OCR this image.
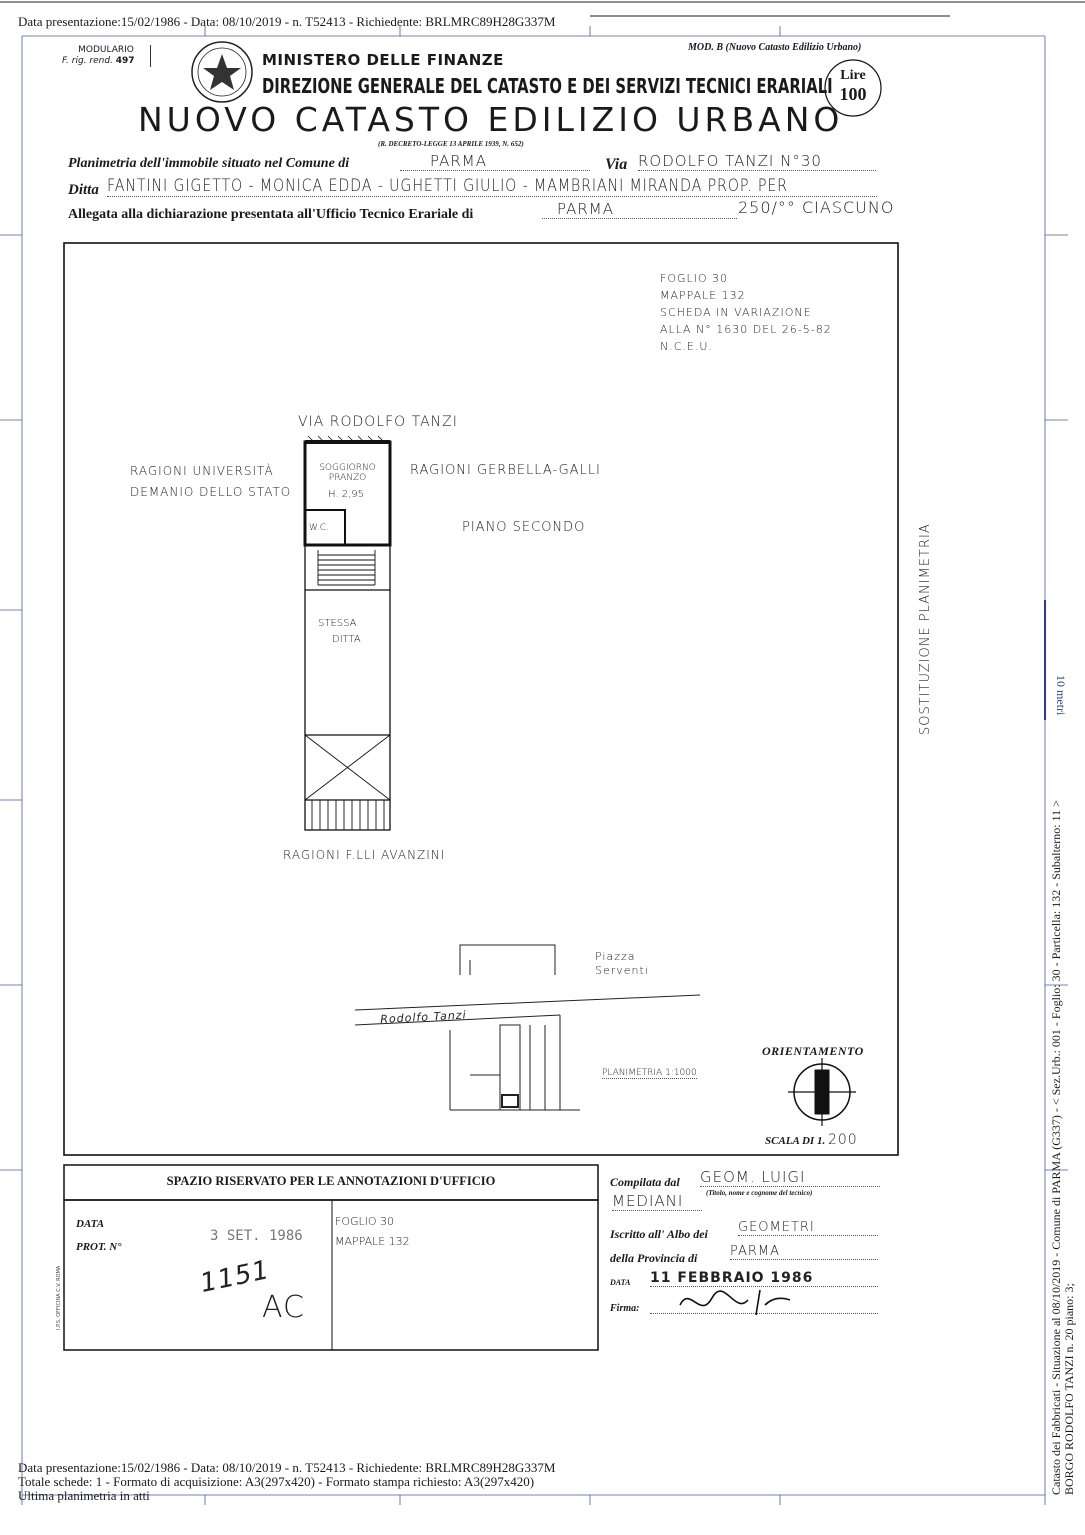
Data presentazione:15/02/1986 - Data: 08/10/2019 - n. T52413 - Richiedente: BRLMRC89H28G337M
MODULARIO
F. rig. rend. 497	MINISTERO DELLE FINANZE
MOD. B (Nuovo Catasto Edilizio Urbano)
DIREZIONE GENERALE DEL CATASTO E DEI SERVIZI TECNICI ERARIALI Lire
100
NUOVO CATASTO EDILIZIO URBANO
(R. DECRETO-LEGGE 13 APRILE 1939, N. 652)
Planimetria dell'immobile situato nel Comune di	PARMA	Via RODOLFO TANZI N°30
Ditta FANTINI GIGETTO - MONICA EDDA - UGHETTI GIULIO - MAMBRIANI MIRANDA PROP. PER
Allegata alla dichiarazione presentata all'Ufficio Tecnico Erariale di	PARMA	250/°° CIASCUNO
FOGLIO 30
MAPPALE 132
SCHEDA IN VARIAZIONE
ALLA N° 1630 DEL 26-5-82
N.C.E.U.
VIA RODOLFO TANZI
RAGIONI UNIVERSITÀ
DEMANIO DELLO STATO
RAGIONI GERBELLA-GALLI
PIANO SECONDO
SOGGIORNO
PRANZO
H. 2,95
W.C.
STESSA
DITTA
RAGIONI F.LLI AVANZINI
Piazza
Serventi
Rodolfo Tanzi
PLANIMETRIA 1:1000
ORIENTAMENTO
SCALA DI 1. 200
SOSTITUZIONE PLANIMETRIA
SPAZIO RISERVATO PER LE ANNOTAZIONI D'UFFICIO
DATA
PROT. N°
3 SET. 1986
FOGLIO 30
MAPPALE 132
1151
AC
I.P.S. OFFICINA C.V. ROMA
Compilata dal GEOM. LUIGI
MEDIANI	(Titolo, nome e cognome del tecnico)
Iscritto all' Albo dei GEOMETRI
della Provincia di	PARMA
DATA 11 FEBBRAIO 1986
Firma:	Catasto dei Fabbricati - Situazione al 08/10/2019 - Comune di PARMA (G337) - < Sez.Urb.: 001 - Foglio: 30 - Particella: 132 - Subalterno: 11 > BORGO RODOLFO TANZI n. 20 piano: 3;
10 metri
Data presentazione:15/02/1986 - Data: 08/10/2019 - n. T52413 - Richiedente: BRLMRC89H28G337M
Totale schede: 1 - Formato di acquisizione: A3(297x420) - Formato stampa richiesto: A3(297x420)
Ultima planimetria in atti
